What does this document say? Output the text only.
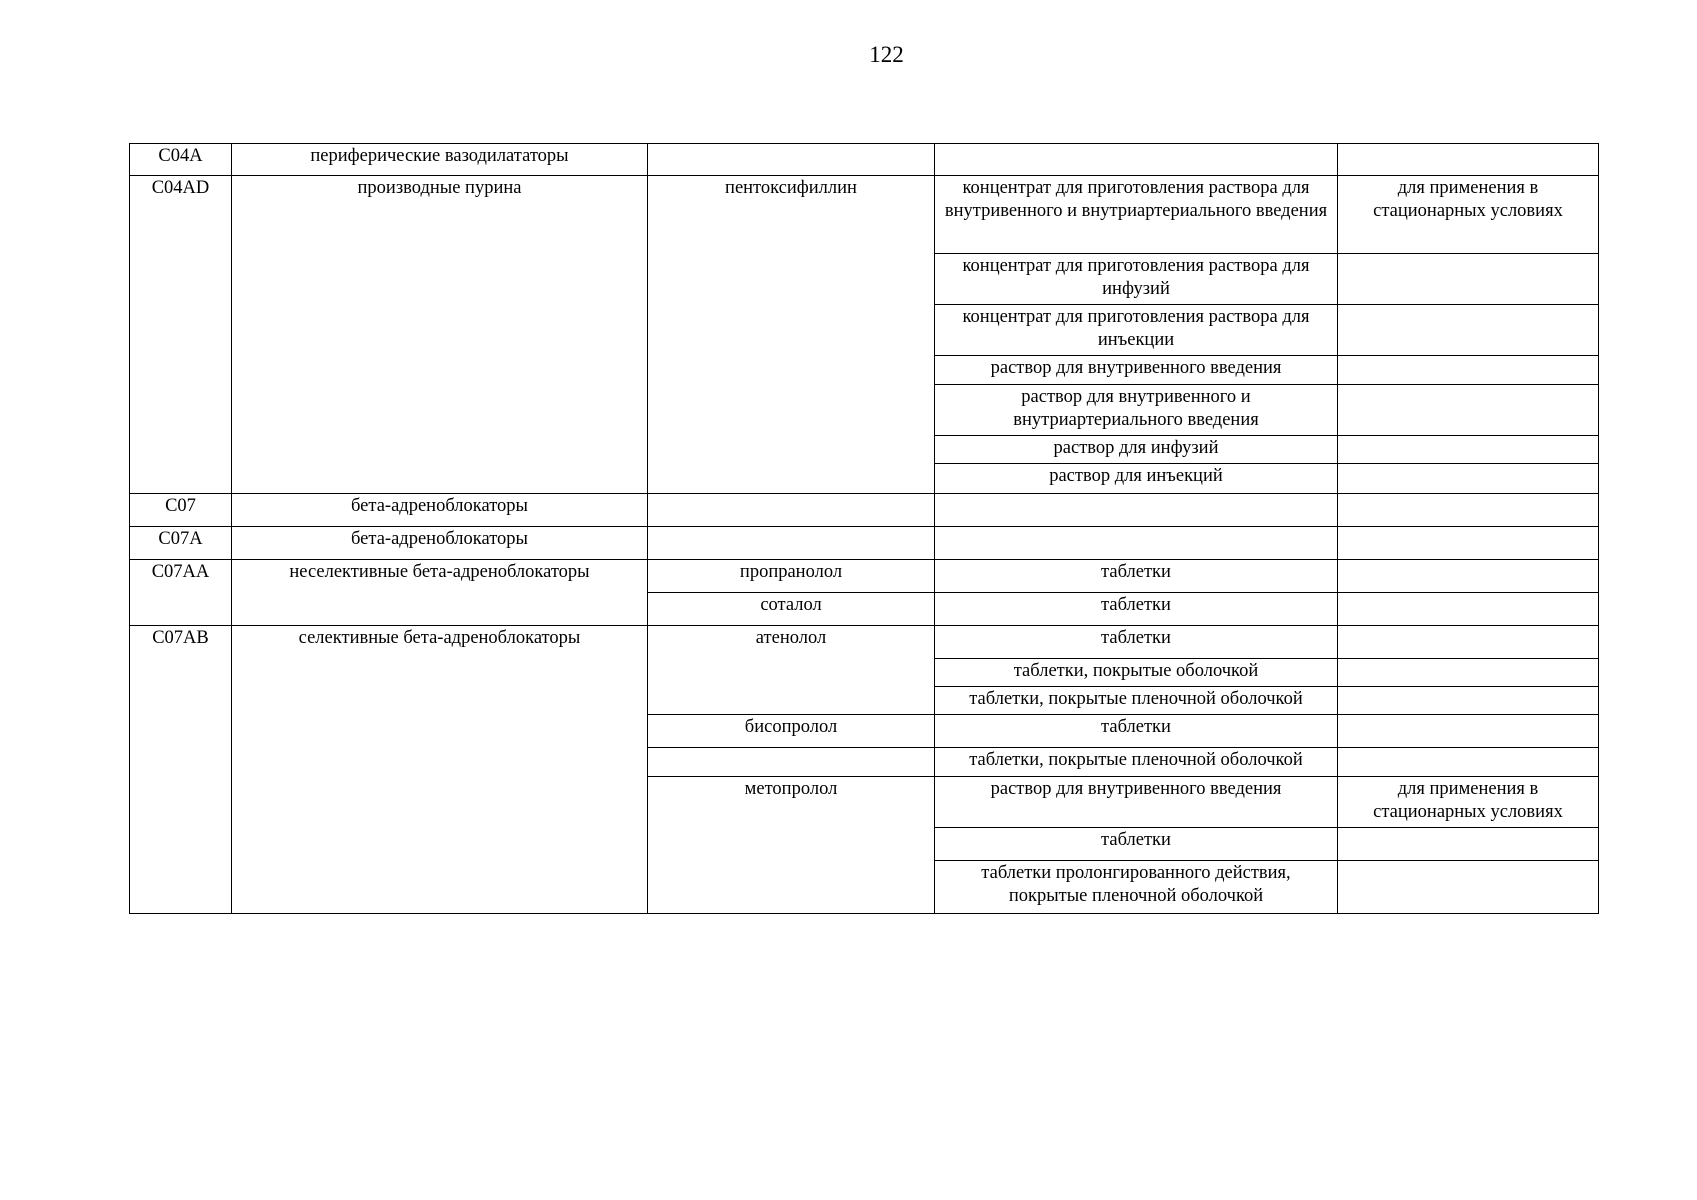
122
C04A	периферические вазодилататоры			
C04AD	производные пурина	пентоксифиллин	концентрат для приготовления раствора для внутривенного и внутриартериального введения	для применения в стационарных условиях
			концентрат для приготовления раствора для инфузий	
			концентрат для приготовления раствора для инъекции	
			раствор для внутривенного введения	
			раствор для внутривенного и внутриартериального введения	
			раствор для инфузий	
			раствор для инъекций	
C07	бета-адреноблокаторы			
C07A	бета-адреноблокаторы			
C07AA	неселективные бета-адреноблокаторы	пропранолол	таблетки	
		соталол	таблетки	
C07AB	селективные бета-адреноблокаторы	атенолол	таблетки	
			таблетки, покрытые оболочкой	
			таблетки, покрытые пленочной оболочкой	
		бисопролол	таблетки	
			таблетки, покрытые пленочной оболочкой	
		метопролол	раствор для внутривенного введения	для применения в стационарных условиях
			таблетки	
			таблетки пролонгированного действия, покрытые пленочной оболочкой	
